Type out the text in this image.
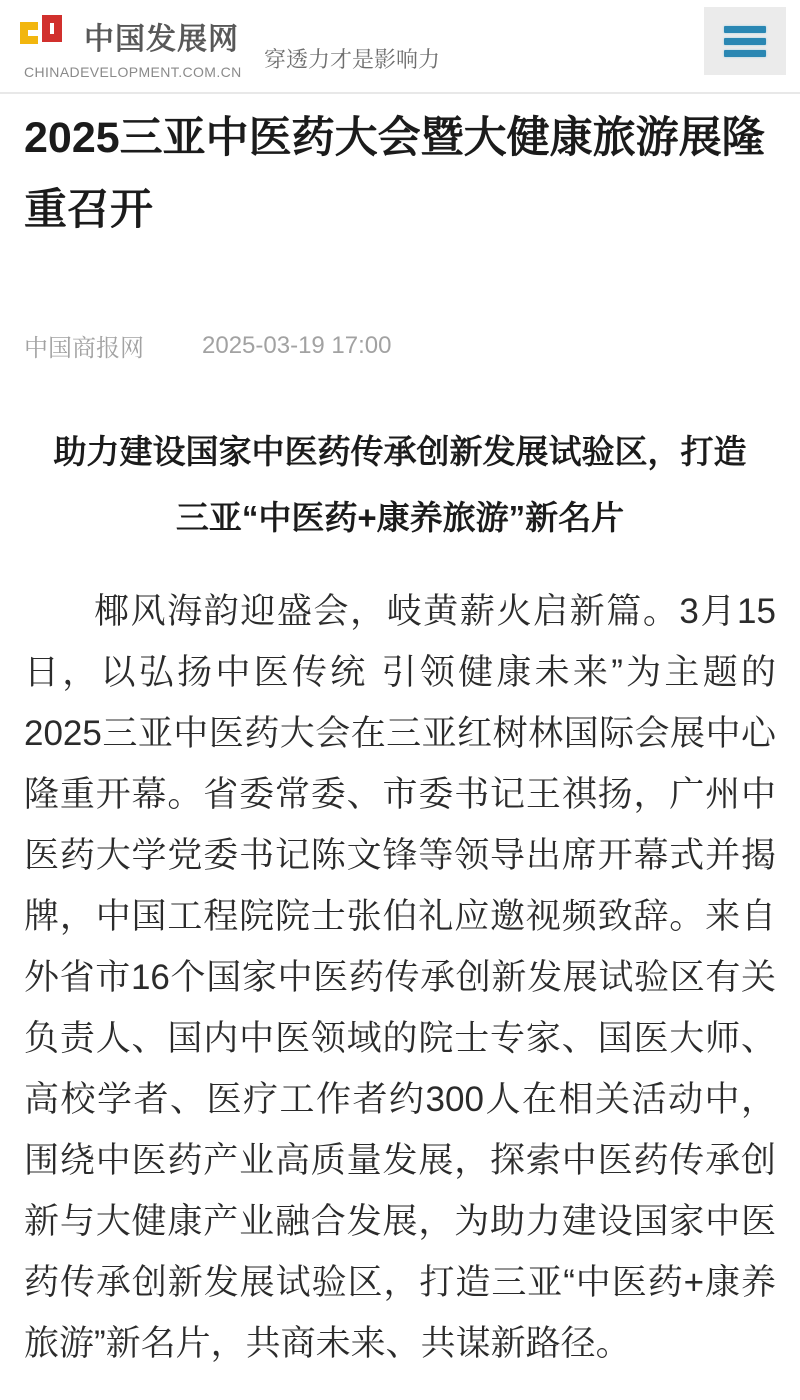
中国发展网
CHINADEVELOPMENT.COM.CN 穿透力才是影响力
2025三亚中医药大会暨大健康旅游展隆重召开
中国商报网 2025-03-19 17:00
助力建设国家中医药传承创新发展试验区，打造
三亚“中医药+康养旅游”新名片

椰风海韵迎盛会，岐黄薪火启新篇。3月15日，以弘扬中医传统 引领健康未来”为主题的2025三亚中医药大会在三亚红树林国际会展中心隆重开幕。省委常委、市委书记王祺扬，广州中医药大学党委书记陈文锋等领导出席开幕式并揭牌，中国工程院院士张伯礼应邀视频致辞。来自外省市16个国家中医药传承创新发展试验区有关负责人、国内中医领域的院士专家、国医大师、高校学者、医疗工作者约300人在相关活动中，围绕中医药产业高质量发展，探索中医药传承创新与大健康产业融合发展，为助力建设国家中医药传承创新发展试验区，打造三亚“中医药+康养旅游”新名片，共商未来、共谋新路径。
